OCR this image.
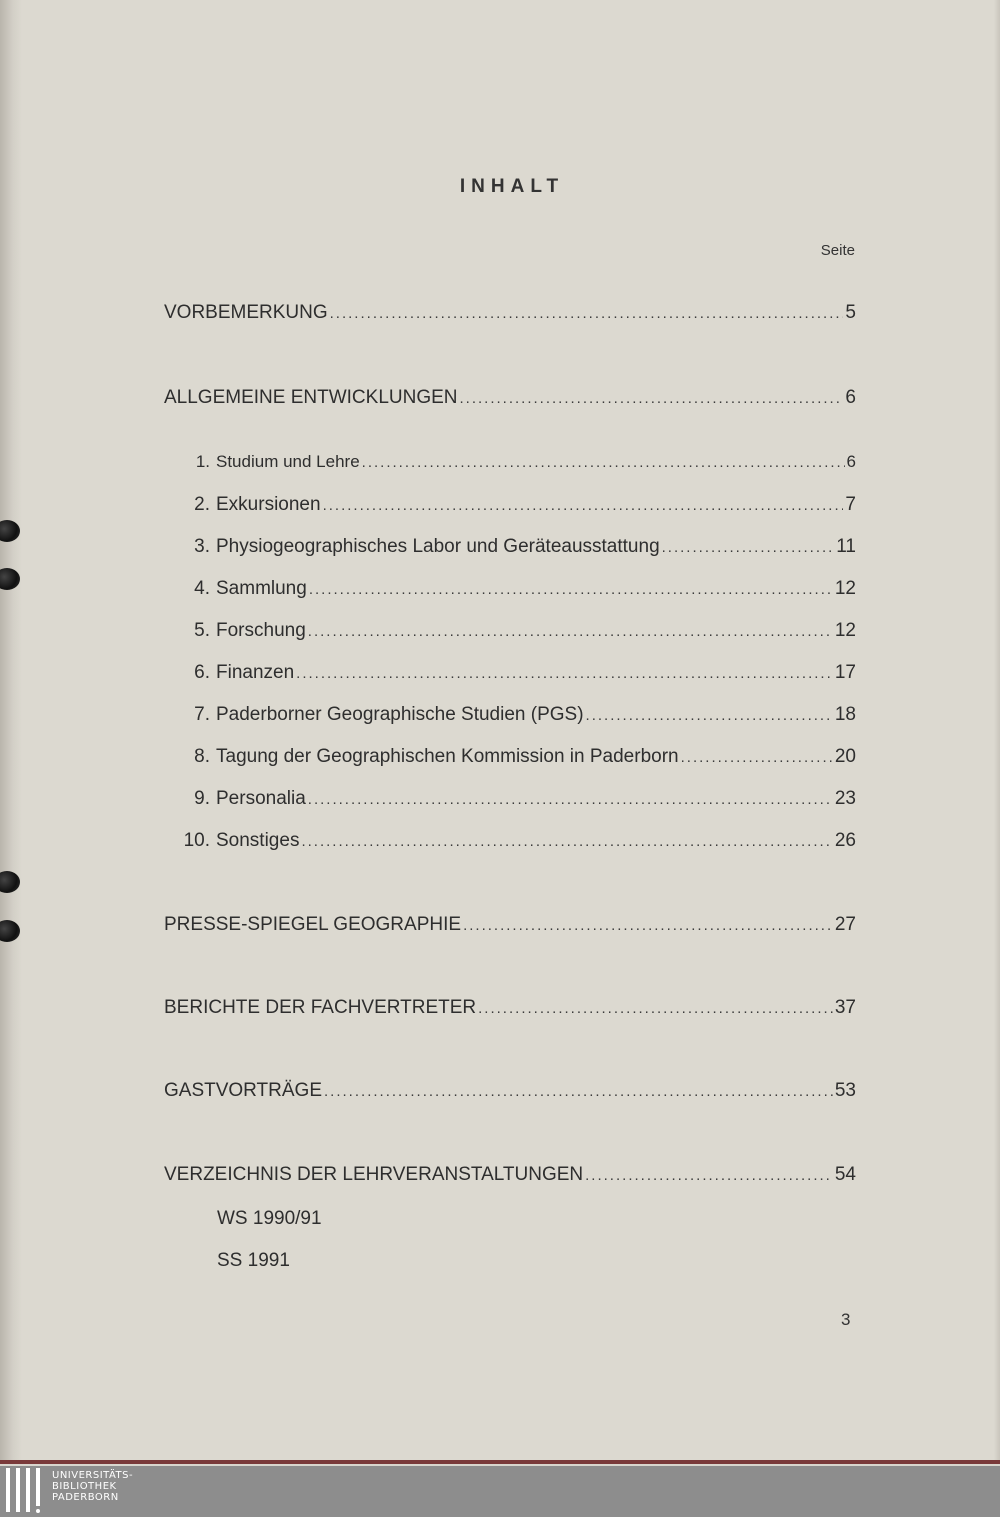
INHALT
Seite
VORBEMERKUNG .....	5
ALLGEMEINE ENTWICKLUNGEN .....	6
1. Studium und Lehre .....	6
2. Exkursionen .....	7
3. Physiogeographisches Labor und Geräteausstattung .....	11
4. Sammlung .....	12
5. Forschung .....	12
6. Finanzen .....	17
7. Paderborner Geographische Studien (PGS) .....	18
8. Tagung der Geographischen Kommission in Paderborn .....	20
9. Personalia .....	23
10. Sonstiges .....	26
PRESSE-SPIEGEL GEOGRAPHIE .....	27
BERICHTE DER FACHVERTRETER .....	37
GASTVORTRÄGE .....	53
VERZEICHNIS DER LEHRVERANSTALTUNGEN .....	54
WS 1990/91
SS 1991
3
UNIVERSITÄTS-
BIBLIOTHEK
PADERBORN
